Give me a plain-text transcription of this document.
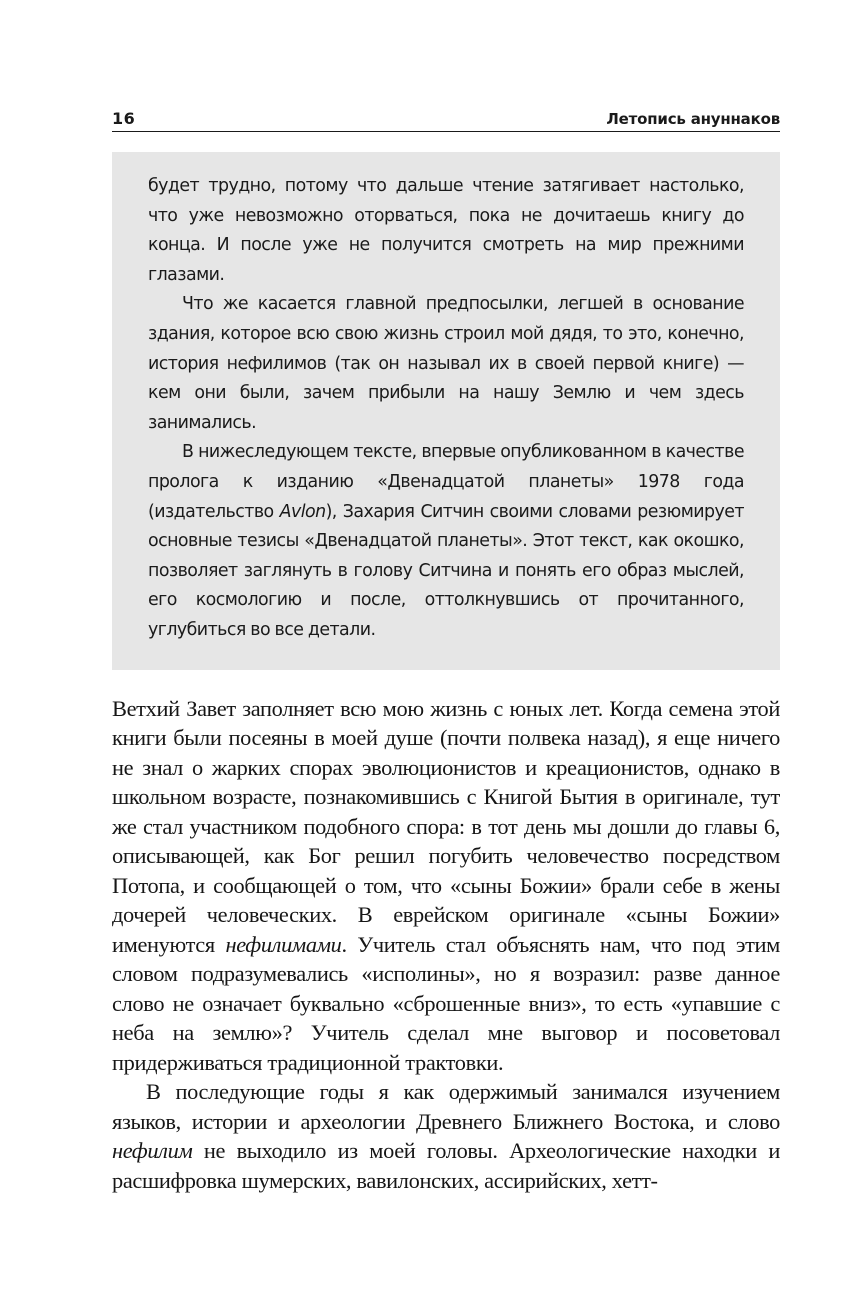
16	Летопись ануннаков

будет трудно, потому что дальше чтение затягивает настолько, что уже невозможно оторваться, пока не дочитаешь книгу до конца. И после уже не получится смотреть на мир прежними глазами.

Что же касается главной предпосылки, легшей в основание здания, которое всю свою жизнь строил мой дядя, то это, конечно, история нефилимов (так он называл их в своей первой книге) — кем они были, зачем прибыли на нашу Землю и чем здесь занимались.

В нижеследующем тексте, впервые опубликованном в качестве пролога к изданию «Двенадцатой планеты» 1978 года (издательство Avlon), Захария Ситчин своими словами резюмирует основные тезисы «Двенадцатой планеты». Этот текст, как окошко, позволяет заглянуть в голову Ситчина и понять его образ мыслей, его космологию и после, оттолкнувшись от прочитанного, углубиться во все детали.

Ветхий Завет заполняет всю мою жизнь с юных лет. Когда семена этой книги были посеяны в моей душе (почти полвека назад), я еще ничего не знал о жарких спорах эволюционистов и креационистов, однако в школьном возрасте, познакомившись с Книгой Бытия в оригинале, тут же стал участником подобного спора: в тот день мы дошли до главы 6, описывающей, как Бог решил погубить человечество посредством Потопа, и сообщающей о том, что «сыны Божии» брали себе в жены дочерей человеческих. В еврейском оригинале «сыны Божии» именуются нефилимами. Учитель стал объяснять нам, что под этим словом подразумевались «исполины», но я возразил: разве данное слово не означает буквально «сброшенные вниз», то есть «упавшие с неба на землю»? Учитель сделал мне выговор и посоветовал придерживаться традиционной трактовки.

В последующие годы я как одержимый занимался изучением языков, истории и археологии Древнего Ближнего Востока, и слово нефилим не выходило из моей головы. Археологические находки и расшифровка шумерских, вавилонских, ассирийских, хетт-
